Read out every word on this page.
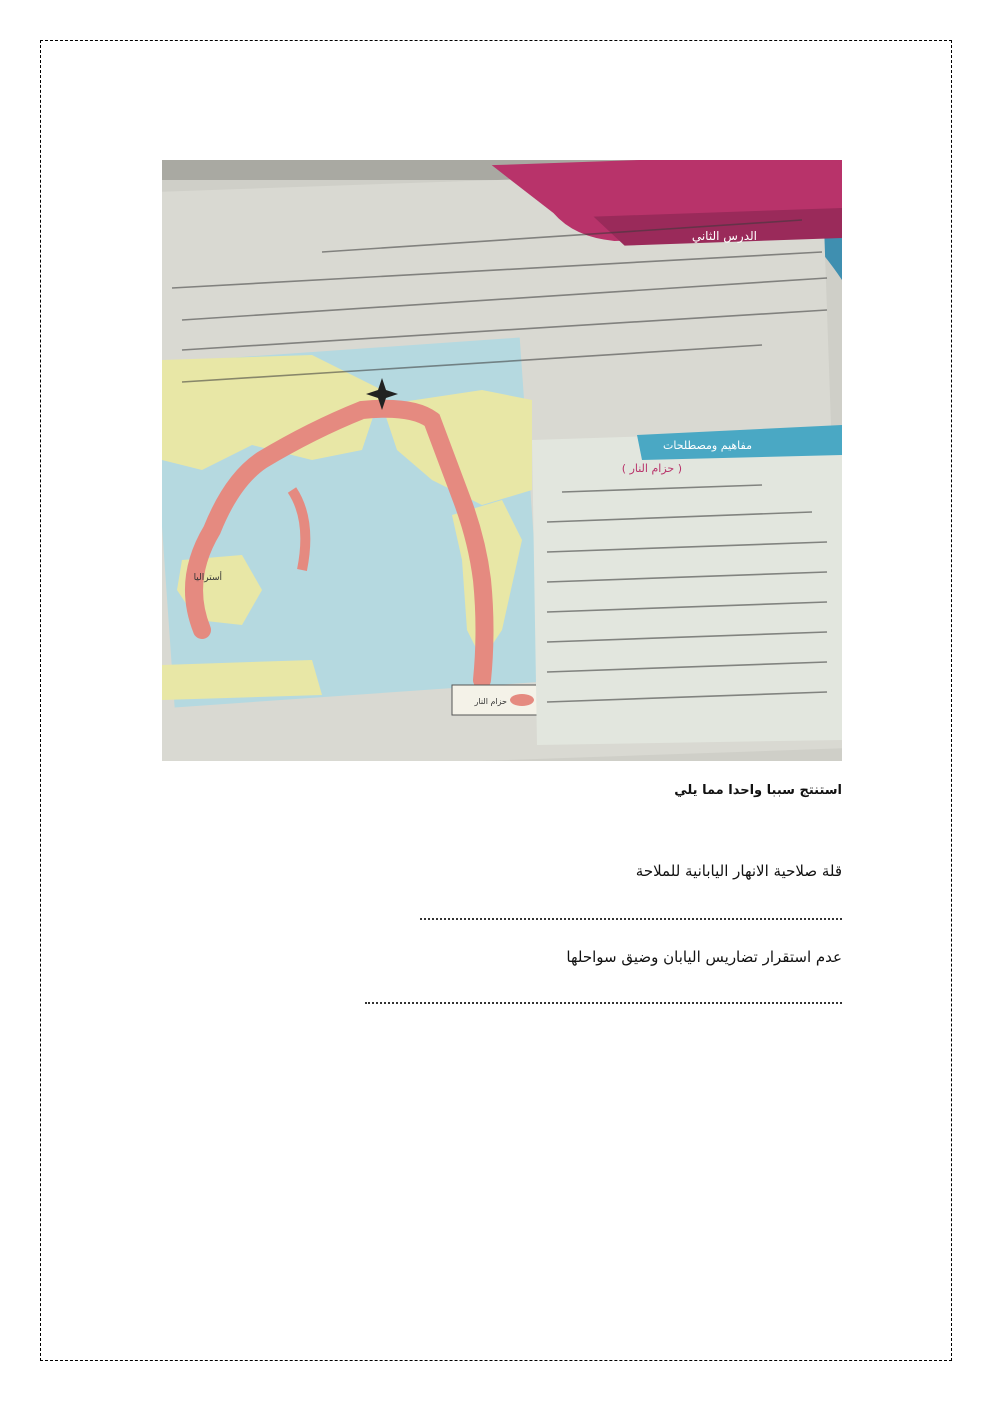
الدرس الثاني
مفاهيم ومصطلحات
( حزام النار )
أستراليا
حزام النار
استنتج سببا واحدا مما يلي
قلة صلاحية الانهار اليابانية للملاحة
عدم استقرار تضاريس اليابان وضيق سواحلها
